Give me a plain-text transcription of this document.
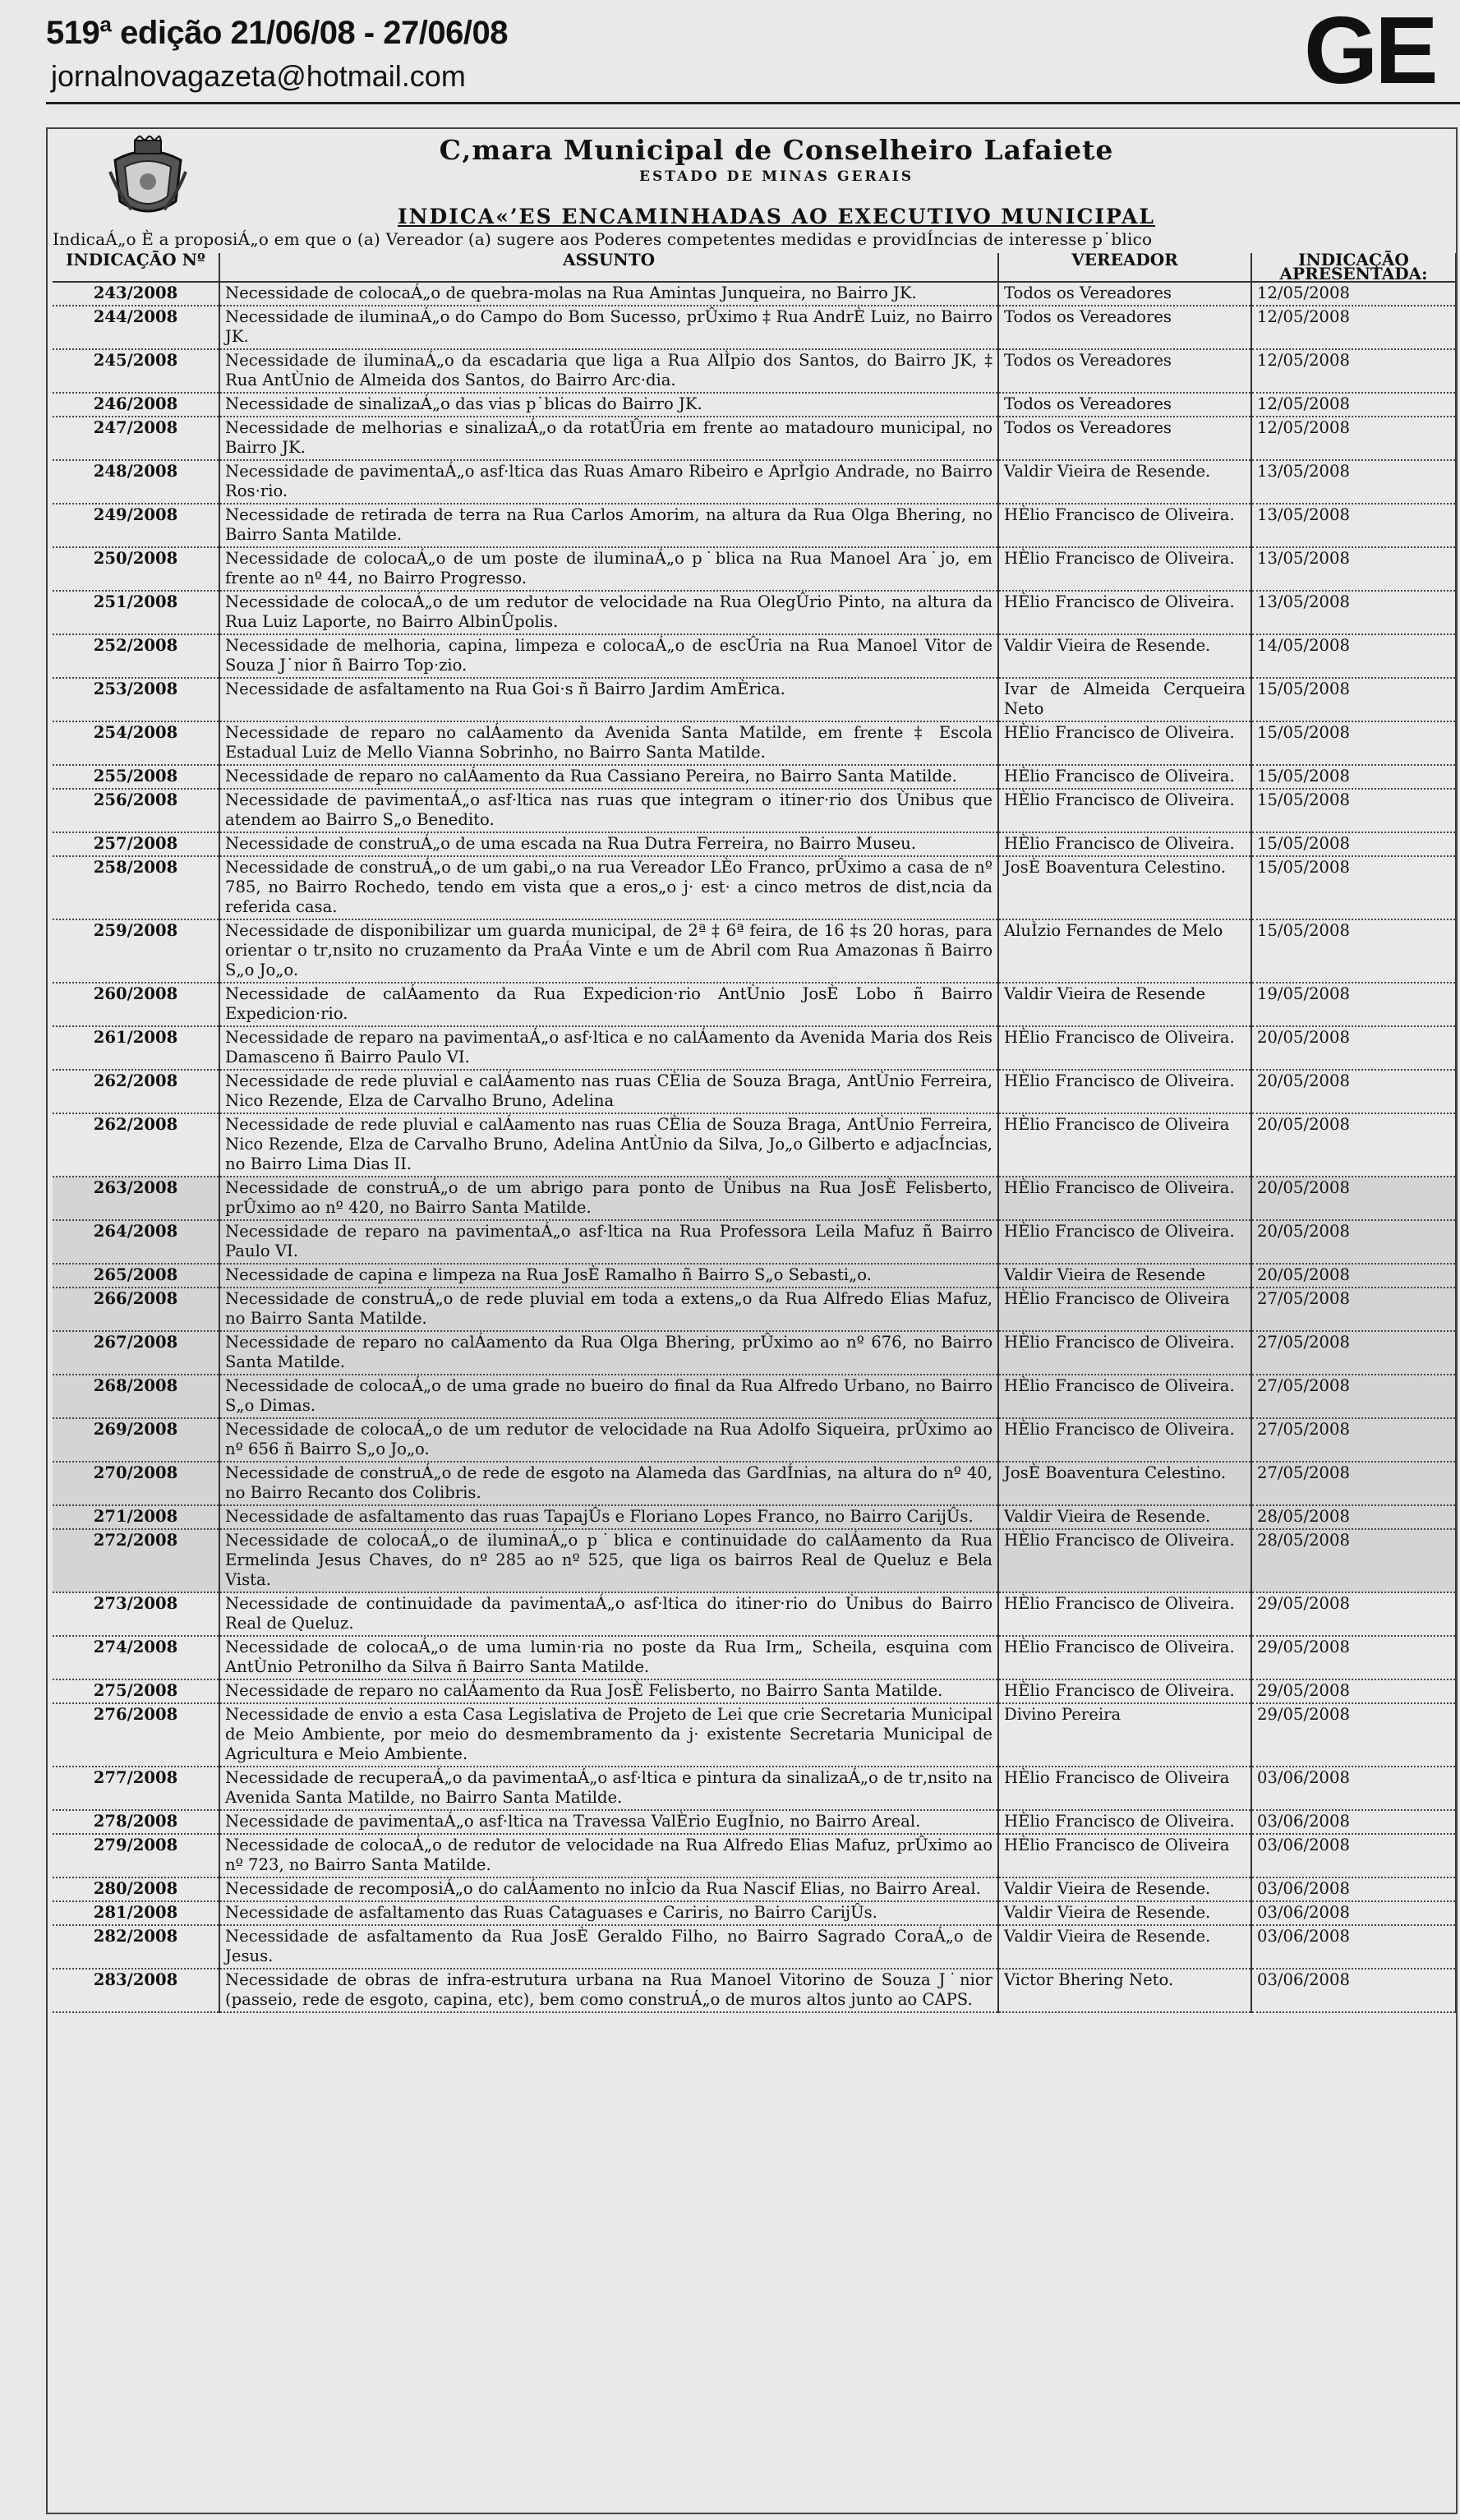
519ª edição 21/06/08 - 27/06/08
jornalnovagazeta@hotmail.com	GE
C‚mara Municipal de Conselheiro Lafaiete
ESTADO DE MINAS GERAIS
INDICA«’ES ENCAMINHADAS AO EXECUTIVO MUNICIPAL
IndicaÁ„o È a proposiÁ„o em que o (a) Vereador (a) sugere aos Poderes competentes medidas e providÍncias de interesse p˙blico
INDICAÇÃO Nº	ASSUNTO	VEREADOR	INDICAÇÃO APRESENTADA:
243/2008	Necessidade de colocaÁ„o de quebra-molas na Rua Amintas Junqueira, no Bairro JK.	Todos os Vereadores	12/05/2008
244/2008	Necessidade de iluminaÁ„o do Campo do Bom Sucesso, prÛximo ‡ Rua AndrÈ Luiz, no Bairro JK.	Todos os Vereadores	12/05/2008
245/2008	Necessidade de iluminaÁ„o da escadaria que liga a Rua AlÌpio dos Santos, do Bairro JK, ‡ Rua AntÙnio de Almeida dos Santos, do Bairro Arc·dia.	Todos os Vereadores	12/05/2008
246/2008	Necessidade de sinalizaÁ„o das vias p˙blicas do Bairro JK.	Todos os Vereadores	12/05/2008
247/2008	Necessidade de melhorias e sinalizaÁ„o da rotatÛria em frente ao matadouro municipal, no Bairro JK.	Todos os Vereadores	12/05/2008
248/2008	Necessidade de pavimentaÁ„o asf·ltica das Ruas Amaro Ribeiro e AprÌgio Andrade, no Bairro Ros·rio.	Valdir Vieira de Resende.	13/05/2008
249/2008	Necessidade de retirada de terra na Rua Carlos Amorim, na altura da Rua Olga Bhering, no Bairro Santa Matilde.	HÈlio Francisco de Oliveira.	13/05/2008
250/2008	Necessidade de colocaÁ„o de um poste de iluminaÁ„o p˙blica na Rua Manoel Ara˙jo, em frente ao nº 44, no Bairro Progresso.	HÈlio Francisco de Oliveira.	13/05/2008
251/2008	Necessidade de colocaÁ„o de um redutor de velocidade na Rua OlegÛrio Pinto, na altura da Rua Luiz Laporte, no Bairro AlbinÛpolis.	HÈlio Francisco de Oliveira.	13/05/2008
252/2008	Necessidade de melhoria, capina, limpeza e colocaÁ„o de escÛria na Rua Manoel Vitor de Souza J˙nior ñ Bairro Top·zio.	Valdir Vieira de Resende.	14/05/2008
253/2008	Necessidade de asfaltamento na Rua Goi·s ñ Bairro Jardim AmÈrica.	Ivar de Almeida Cerqueira Neto	15/05/2008
254/2008	Necessidade de reparo no calÁamento da Avenida Santa Matilde, em frente ‡ Escola Estadual Luiz de Mello Vianna Sobrinho, no Bairro Santa Matilde.	HÈlio Francisco de Oliveira.	15/05/2008
255/2008	Necessidade de reparo no calÁamento da Rua Cassiano Pereira, no Bairro Santa Matilde.	HÈlio Francisco de Oliveira.	15/05/2008
256/2008	Necessidade de pavimentaÁ„o asf·ltica nas ruas que integram o itiner·rio dos Ùnibus que atendem ao Bairro S„o Benedito.	HÈlio Francisco de Oliveira.	15/05/2008
257/2008	Necessidade de construÁ„o de uma escada na Rua Dutra Ferreira, no Bairro Museu.	HÈlio Francisco de Oliveira.	15/05/2008
258/2008	Necessidade de construÁ„o de um gabi„o na rua Vereador LÈo Franco, prÛximo a casa de nº 785, no Bairro Rochedo, tendo em vista que a eros„o j· est· a cinco metros de dist‚ncia da referida casa.	JosÈ Boaventura Celestino.	15/05/2008
259/2008	Necessidade de disponibilizar um guarda municipal, de 2ª ‡ 6ª feira, de 16 ‡s 20 horas, para orientar o tr‚nsito no cruzamento da PraÁa Vinte e um de Abril com Rua Amazonas ñ Bairro S„o Jo„o.	AluÌzio Fernandes de Melo	15/05/2008
260/2008	Necessidade de calÁamento da Rua Expedicion·rio AntÙnio JosÈ Lobo ñ Bairro Expedicion·rio.	Valdir Vieira de Resende	19/05/2008
261/2008	Necessidade de reparo na pavimentaÁ„o asf·ltica e no calÁamento da Avenida Maria dos Reis Damasceno ñ Bairro Paulo VI.	HÈlio Francisco de Oliveira.	20/05/2008
262/2008	Necessidade de rede pluvial e calÁamento nas ruas CÈlia de Souza Braga, AntÙnio Ferreira, Nico Rezende, Elza de Carvalho Bruno, Adelina	HÈlio Francisco de Oliveira.	20/05/2008
262/2008	Necessidade de rede pluvial e calÁamento nas ruas CÈlia de Souza Braga, AntÙnio Ferreira, Nico Rezende, Elza de Carvalho Bruno, Adelina AntÙnio da Silva, Jo„o Gilberto e adjacÍncias, no Bairro Lima Dias II.	HÈlio Francisco de Oliveira	20/05/2008
263/2008	Necessidade de construÁ„o de um abrigo para ponto de Ùnibus na Rua JosÈ Felisberto, prÛximo ao nº 420, no Bairro Santa Matilde.	HÈlio Francisco de Oliveira.	20/05/2008
264/2008	Necessidade de reparo na pavimentaÁ„o asf·ltica na Rua Professora Leila Mafuz ñ Bairro Paulo VI.	HÈlio Francisco de Oliveira.	20/05/2008
265/2008	Necessidade de capina e limpeza na Rua JosÈ Ramalho ñ Bairro S„o Sebasti„o.	Valdir Vieira de Resende	20/05/2008
266/2008	Necessidade de construÁ„o de rede pluvial em toda a extens„o da Rua Alfredo Elias Mafuz, no Bairro Santa Matilde.	HÈlio Francisco de Oliveira	27/05/2008
267/2008	Necessidade de reparo no calÁamento da Rua Olga Bhering, prÛximo ao nº 676, no Bairro Santa Matilde.	HÈlio Francisco de Oliveira.	27/05/2008
268/2008	Necessidade de colocaÁ„o de uma grade no bueiro do final da Rua Alfredo Urbano, no Bairro S„o Dimas.	HÈlio Francisco de Oliveira.	27/05/2008
269/2008	Necessidade de colocaÁ„o de um redutor de velocidade na Rua Adolfo Siqueira, prÛximo ao nº 656 ñ Bairro S„o Jo„o.	HÈlio Francisco de Oliveira.	27/05/2008
270/2008	Necessidade de construÁ„o de rede de esgoto na Alameda das GardÍnias, na altura do nº 40, no Bairro Recanto dos Colibris.	JosÈ Boaventura Celestino.	27/05/2008
271/2008	Necessidade de asfaltamento das ruas TapajÛs e Floriano Lopes Franco, no Bairro CarijÛs.	Valdir Vieira de Resende.	28/05/2008
272/2008	Necessidade de colocaÁ„o de iluminaÁ„o p˙blica e continuidade do calÁamento da Rua Ermelinda Jesus Chaves, do nº 285 ao nº 525, que liga os bairros Real de Queluz e Bela Vista.	HÈlio Francisco de Oliveira.	28/05/2008
273/2008	Necessidade de continuidade da pavimentaÁ„o asf·ltica do itiner·rio do Ùnibus do Bairro Real de Queluz.	HÈlio Francisco de Oliveira.	29/05/2008
274/2008	Necessidade de colocaÁ„o de uma lumin·ria no poste da Rua Irm„ Scheila, esquina com AntÙnio Petronilho da Silva ñ Bairro Santa Matilde.	HÈlio Francisco de Oliveira.	29/05/2008
275/2008	Necessidade de reparo no calÁamento da Rua JosÈ Felisberto, no Bairro Santa Matilde.	HÈlio Francisco de Oliveira.	29/05/2008
276/2008	Necessidade de envio a esta Casa Legislativa de Projeto de Lei que crie Secretaria Municipal de Meio Ambiente, por meio do desmembramento da j· existente Secretaria Municipal de Agricultura e Meio Ambiente.	Divino Pereira	29/05/2008
277/2008	Necessidade de recuperaÁ„o da pavimentaÁ„o asf·ltica e pintura da sinalizaÁ„o de tr‚nsito na Avenida Santa Matilde, no Bairro Santa Matilde.	HÈlio Francisco de Oliveira	03/06/2008
278/2008	Necessidade de pavimentaÁ„o asf·ltica na Travessa ValÈrio EugÍnio, no Bairro Areal.	HÈlio Francisco de Oliveira.	03/06/2008
279/2008	Necessidade de colocaÁ„o de redutor de velocidade na Rua Alfredo Elias Mafuz, prÛximo ao nº 723, no Bairro Santa Matilde.	HÈlio Francisco de Oliveira	03/06/2008
280/2008	Necessidade de recomposiÁ„o do calÁamento no inÌcio da Rua Nascif Elias, no Bairro Areal.	Valdir Vieira de Resende.	03/06/2008
281/2008	Necessidade de asfaltamento das Ruas Cataguases e Cariris, no Bairro CarijÛs.	Valdir Vieira de Resende.	03/06/2008
282/2008	Necessidade de asfaltamento da Rua JosÈ Geraldo Filho, no Bairro Sagrado CoraÁ„o de Jesus.	Valdir Vieira de Resende.	03/06/2008
283/2008	Necessidade de obras de infra-estrutura urbana na Rua Manoel Vitorino de Souza J˙nior (passeio, rede de esgoto, capina, etc), bem como construÁ„o de muros altos junto ao CAPS.	Victor Bhering Neto.	03/06/2008
